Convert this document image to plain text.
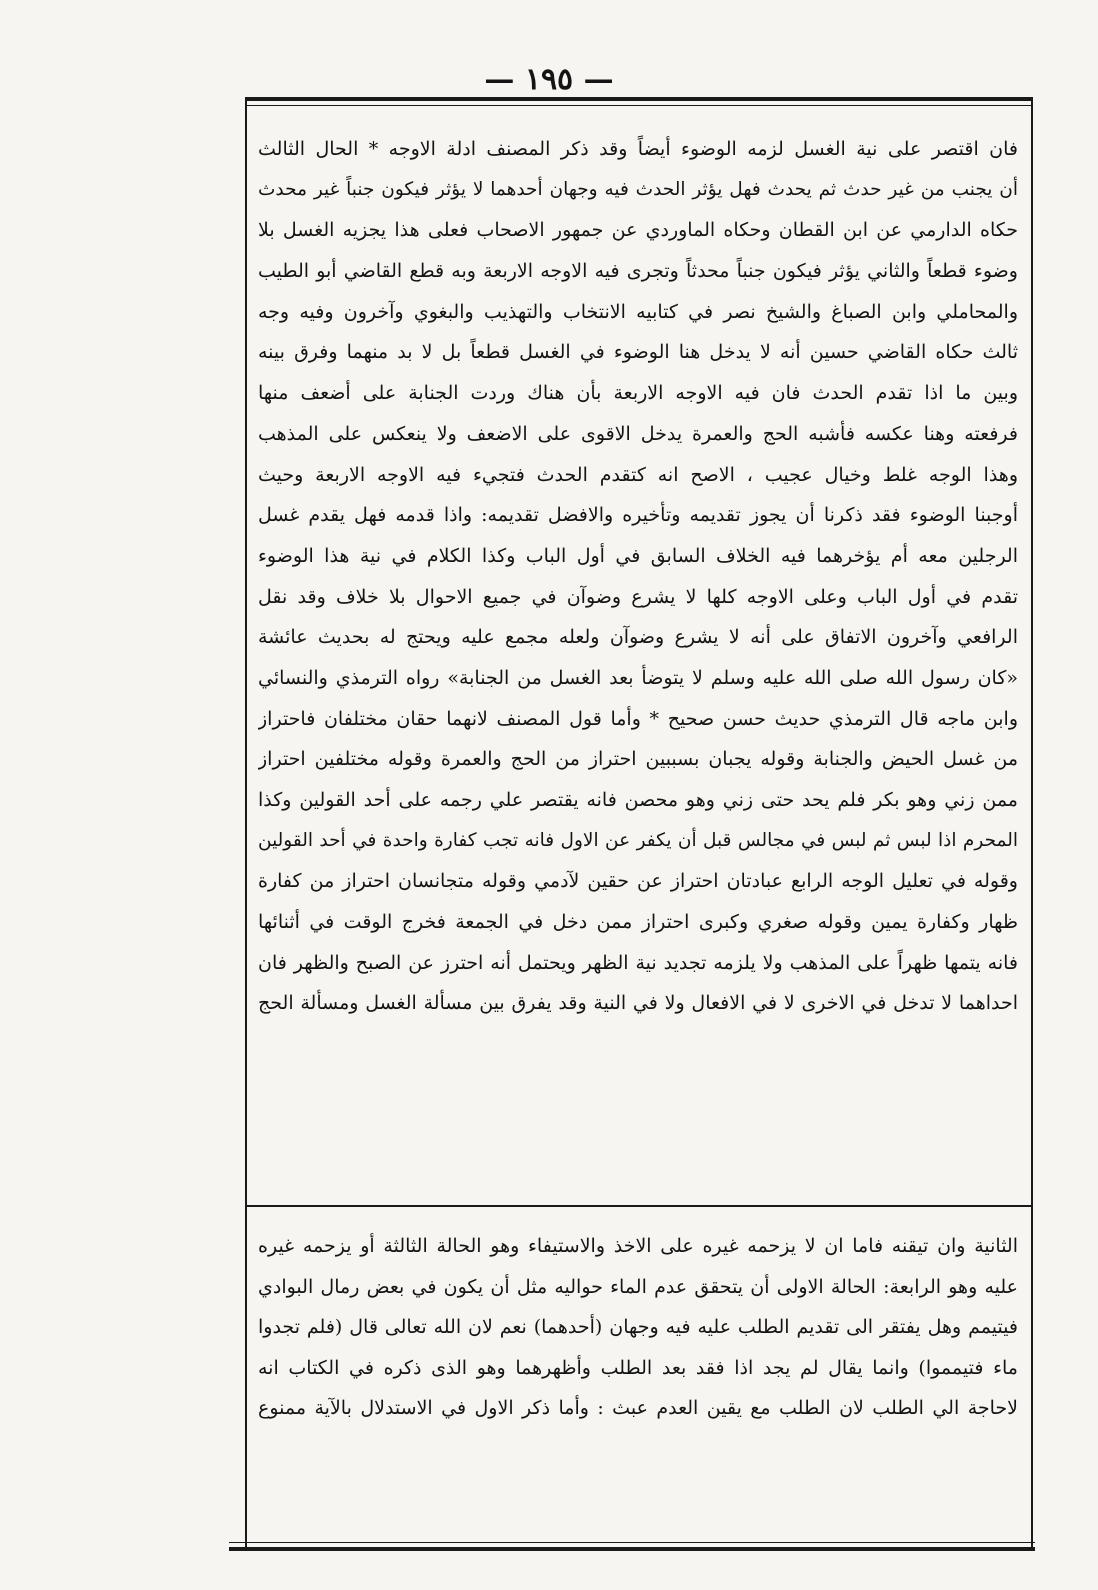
— ١٩٥ —
فان اقتصر على نية الغسل لزمه الوضوء أيضاً وقد ذكر المصنف ادلة الاوجه * الحال الثالث
أن يجنب من غير حدث ثم يحدث فهل يؤثر الحدث فيه وجهان أحدهما لا يؤثر فيكون جنباً غير محدث
حكاه الدارمي عن ابن القطان وحكاه الماوردي عن جمهور الاصحاب فعلى هذا يجزيه الغسل بلا
وضوء قطعاً والثاني يؤثر فيكون جنباً محدثاً وتجرى فيه الاوجه الاربعة وبه قطع القاضي أبو الطيب
والمحاملي وابن الصباغ والشيخ نصر في كتابيه الانتخاب والتهذيب والبغوي وآخرون وفيه وجه
ثالث حكاه القاضي حسين أنه لا يدخل هنا الوضوء في الغسل قطعاً بل لا بد منهما وفرق بينه
وبين ما اذا تقدم الحدث فان فيه الاوجه الاربعة بأن هناك وردت الجنابة على أضعف منها
فرفعته وهنا عكسه فأشبه الحج والعمرة يدخل الاقوى على الاضعف ولا ينعكس على المذهب
وهذا الوجه غلط وخيال عجيب ، الاصح انه كتقدم الحدث فتجيء فيه الاوجه الاربعة وحيث
أوجبنا الوضوء فقد ذكرنا أن يجوز تقديمه وتأخيره والافضل تقديمه: واذا قدمه فهل يقدم غسل
الرجلين معه أم يؤخرهما فيه الخلاف السابق في أول الباب وكذا الكلام في نية هذا الوضوء
تقدم في أول الباب وعلى الاوجه كلها لا يشرع وضوآن في جميع الاحوال بلا خلاف وقد نقل
الرافعي وآخرون الاتفاق على أنه لا يشرع وضوآن ولعله مجمع عليه ويحتج له بحديث عائشة
«كان رسول الله صلى الله عليه وسلم لا يتوضأ بعد الغسل من الجنابة» رواه الترمذي والنسائي
وابن ماجه قال الترمذي حديث حسن صحيح * وأما قول المصنف لانهما حقان مختلفان فاحتراز
من غسل الحيض والجنابة وقوله يجبان بسببين احتراز من الحج والعمرة وقوله مختلفين احتراز
ممن زني وهو بكر فلم يحد حتى زني وهو محصن فانه يقتصر علي رجمه على أحد القولين وكذا
المحرم اذا لبس ثم لبس في مجالس قبل أن يكفر عن الاول فانه تجب كفارة واحدة في أحد القولين
وقوله في تعليل الوجه الرابع عبادتان احتراز عن حقين لآدمي وقوله متجانسان احتراز من كفارة
ظهار وكفارة يمين وقوله صغري وكبرى احتراز ممن دخل في الجمعة فخرج الوقت في أثنائها
فانه يتمها ظهراً على المذهب ولا يلزمه تجديد نية الظهر ويحتمل أنه احترز عن الصبح والظهر فان
احداهما لا تدخل في الاخرى لا في الافعال ولا في النية وقد يفرق بين مسألة الغسل ومسألة الحج
الثانية وان تيقنه فاما ان لا يزحمه غيره على الاخذ والاستيفاء وهو الحالة الثالثة أو يزحمه غيره
عليه وهو الرابعة: الحالة الاولى أن يتحقق عدم الماء حواليه مثل أن يكون في بعض رمال البوادي
فيتيمم وهل يفتقر الى تقديم الطلب عليه فيه وجهان (أحدهما) نعم لان الله تعالى قال (فلم تجدوا
ماء فتيمموا) وانما يقال لم يجد اذا فقد بعد الطلب وأظهرهما وهو الذى ذكره في الكتاب انه
لاحاجة الي الطلب لان الطلب مع يقين العدم عبث : وأما ذكر الاول في الاستدلال بالآية ممنوع
